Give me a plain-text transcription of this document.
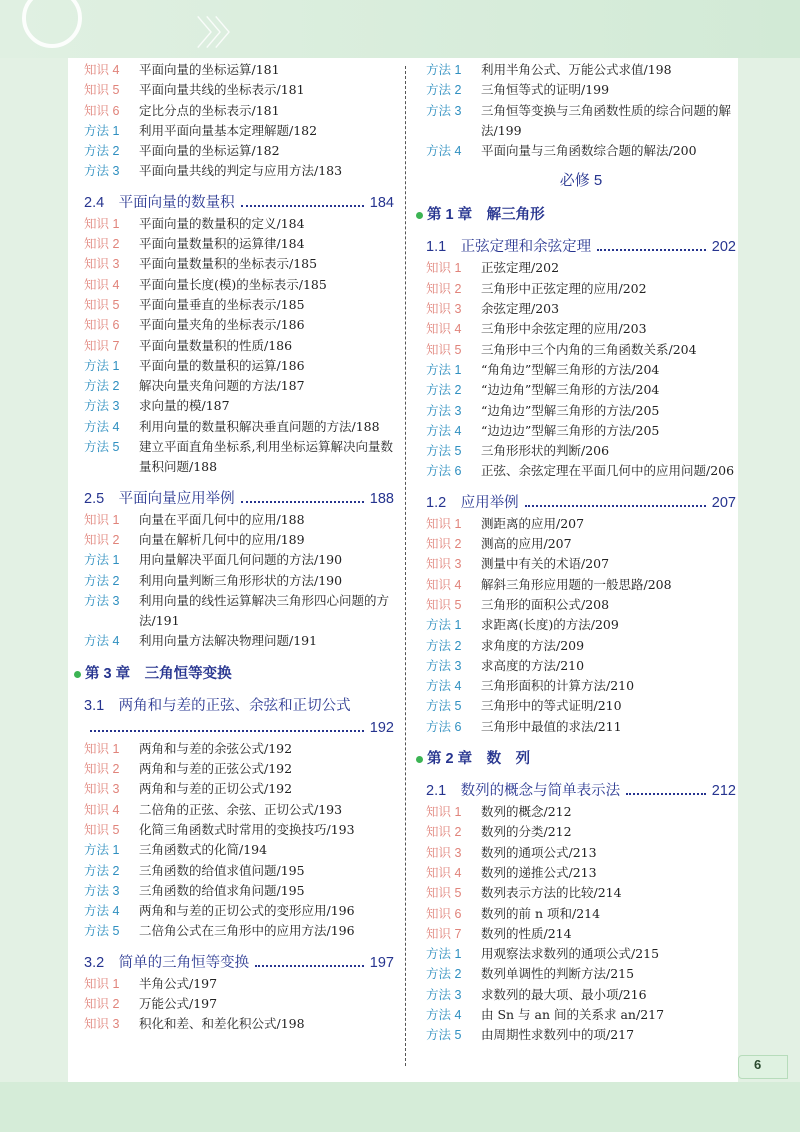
〉〉〉
6
知识 4	平面向量的坐标运算/181
知识 5	平面向量共线的坐标表示/181
知识 6	定比分点的坐标表示/181
方法 1	利用平面向量基本定理解题/182
方法 2	平面向量的坐标运算/182
方法 3	平面向量共线的判定与应用方法/183
2.4　平面向量的数量积	184
知识 1	平面向量的数量积的定义/184
知识 2	平面向量数量积的运算律/184
知识 3	平面向量数量积的坐标表示/185
知识 4	平面向量长度(模)的坐标表示/185
知识 5	平面向量垂直的坐标表示/185
知识 6	平面向量夹角的坐标表示/186
知识 7	平面向量数量积的性质/186
方法 1	平面向量的数量积的运算/186
方法 2	解决向量夹角问题的方法/187
方法 3	求向量的模/187
方法 4	利用向量的数量积解决垂直问题的方法/188
方法 5	建立平面直角坐标系,利用坐标运算解决向量数量积问题/188
2.5　平面向量应用举例	188
知识 1	向量在平面几何中的应用/188
知识 2	向量在解析几何中的应用/189
方法 1	用向量解决平面几何问题的方法/190
方法 2	利用向量判断三角形形状的方法/190
方法 3	利用向量的线性运算解决三角形四心问题的方法/191
方法 4	利用向量方法解决物理问题/191
第 3 章　三角恒等变换
3.1　两角和与差的正弦、余弦和正切公式
192
知识 1	两角和与差的余弦公式/192
知识 2	两角和与差的正弦公式/192
知识 3	两角和与差的正切公式/192
知识 4	二倍角的正弦、余弦、正切公式/193
知识 5	化简三角函数式时常用的变换技巧/193
方法 1	三角函数式的化简/194
方法 2	三角函数的给值求值问题/195
方法 3	三角函数的给值求角问题/195
方法 4	两角和与差的正切公式的变形应用/196
方法 5	二倍角公式在三角形中的应用方法/196
3.2　简单的三角恒等变换	197
知识 1	半角公式/197
知识 2	万能公式/197
知识 3	积化和差、和差化积公式/198
方法 1	利用半角公式、万能公式求值/198
方法 2	三角恒等式的证明/199
方法 3	三角恒等变换与三角函数性质的综合问题的解法/199
方法 4	平面向量与三角函数综合题的解法/200
必修 5
第 1 章　解三角形
1.1　正弦定理和余弦定理	202
知识 1	正弦定理/202
知识 2	三角形中正弦定理的应用/202
知识 3	余弦定理/203
知识 4	三角形中余弦定理的应用/203
知识 5	三角形中三个内角的三角函数关系/204
方法 1	“角角边”型解三角形的方法/204
方法 2	“边边角”型解三角形的方法/204
方法 3	“边角边”型解三角形的方法/205
方法 4	“边边边”型解三角形的方法/205
方法 5	三角形形状的判断/206
方法 6	正弦、余弦定理在平面几何中的应用问题/206
1.2　应用举例	207
知识 1	测距离的应用/207
知识 2	测高的应用/207
知识 3	测量中有关的术语/207
知识 4	解斜三角形应用题的一般思路/208
知识 5	三角形的面积公式/208
方法 1	求距离(长度)的方法/209
方法 2	求角度的方法/209
方法 3	求高度的方法/210
方法 4	三角形面积的计算方法/210
方法 5	三角形中的等式证明/210
方法 6	三角形中最值的求法/211
第 2 章　数　列
2.1　数列的概念与简单表示法	212
知识 1	数列的概念/212
知识 2	数列的分类/212
知识 3	数列的通项公式/213
知识 4	数列的递推公式/213
知识 5	数列表示方法的比较/214
知识 6	数列的前 n 项和/214
知识 7	数列的性质/214
方法 1	用观察法求数列的通项公式/215
方法 2	数列单调性的判断方法/215
方法 3	求数列的最大项、最小项/216
方法 4	由 Sn 与 an 间的关系求 an/217
方法 5	由周期性求数列中的项/217
